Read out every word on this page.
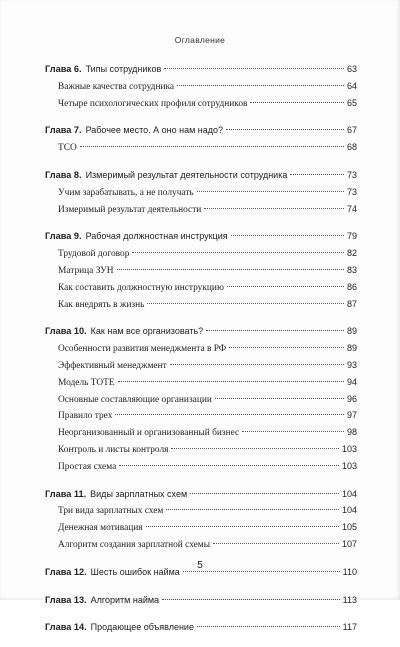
Оглавление
Глава 6. Типы сотрудников	63
Важные качества сотрудника	64
Четыре психологических профиля сотрудников	65
Глава 7. Рабочее место. А оно нам надо?	67
ТСО	68
Глава 8. Измеримый результат деятельности сотрудника	73
Учим зарабатывать, а не получать	73
Измеримый результат деятельности	74
Глава 9. Рабочая должностная инструкция	79
Трудовой договор	82
Матрица ЗУН	83
Как составить должностную инструкцию	86
Как внедрять в жизнь	87
Глава 10. Как нам все организовать?	89
Особенности развития менеджмента в РФ	89
Эффективный менеджмент	93
Модель ТОТЕ	94
Основные составляющие организации	96
Правило трех	97
Неорганизованный и организованный бизнес	98
Контроль и листы контроля	103
Простая схема	103
Глава 11. Виды зарплатных схем	104
Три вида зарплатных схем	104
Денежная мотивация	105
Алгоритм создания зарплатной схемы	107
Глава 12. Шесть ошибок найма	110
Глава 13. Алгоритм найма	113
Глава 14. Продающее объявление	117
5
